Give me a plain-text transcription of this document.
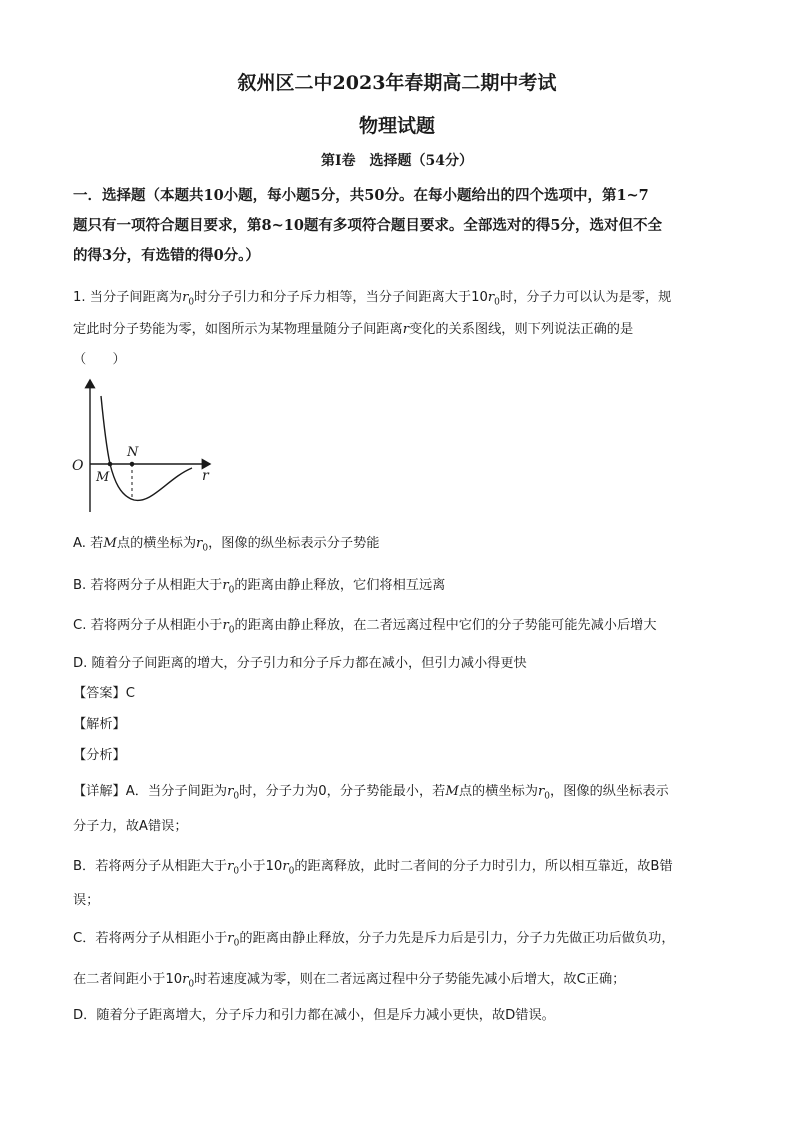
叙州区二中2023年春期高二期中考试
物理试题
第I卷　选择题（54分）
一．选择题（本题共10小题，每小题5分，共50分。在每小题给出的四个选项中，第1~7
题只有一项符合题目要求，第8~10题有多项符合题目要求。全部选对的得5分，选对但不全
的得3分，有选错的得0分。）
1. 当分子间距离为$r_0$时分子引力和分子斥力相等，当分子间距离大于$10r_0$时，分子力可以认为是零，规
定此时分子势能为零，如图所示为某物理量随分子间距离r变化的关系图线，则下列说法正确的是
（　　）
O
M
N
r
A. 若M点的横坐标为$r_0$，图像的纵坐标表示分子势能
B. 若将两分子从相距大于$r_0$的距离由静止释放，它们将相互远离
C. 若将两分子从相距小于$r_0$的距离由静止释放，在二者远离过程中它们的分子势能可能先减小后增大
D. 随着分子间距离的增大，分子引力和分子斥力都在减小，但引力减小得更快
【答案】C
【解析】
【分析】
【详解】A．当分子间距为$r_0$时，分子力为0，分子势能最小，若M点的横坐标为$r_0$，图像的纵坐标表示
分子力，故A错误；
B．若将两分子从相距大于$r_0$小于$10r_0$的距离释放，此时二者间的分子力时引力，所以相互靠近，故B错
误；
C．若将两分子从相距小于$r_0$的距离由静止释放，分子力先是斥力后是引力，分子力先做正功后做负功，
在二者间距小于$10r_0$时若速度减为零，则在二者远离过程中分子势能先减小后增大，故C正确；
D．随着分子距离增大，分子斥力和引力都在减小，但是斥力减小更快，故D错误。
